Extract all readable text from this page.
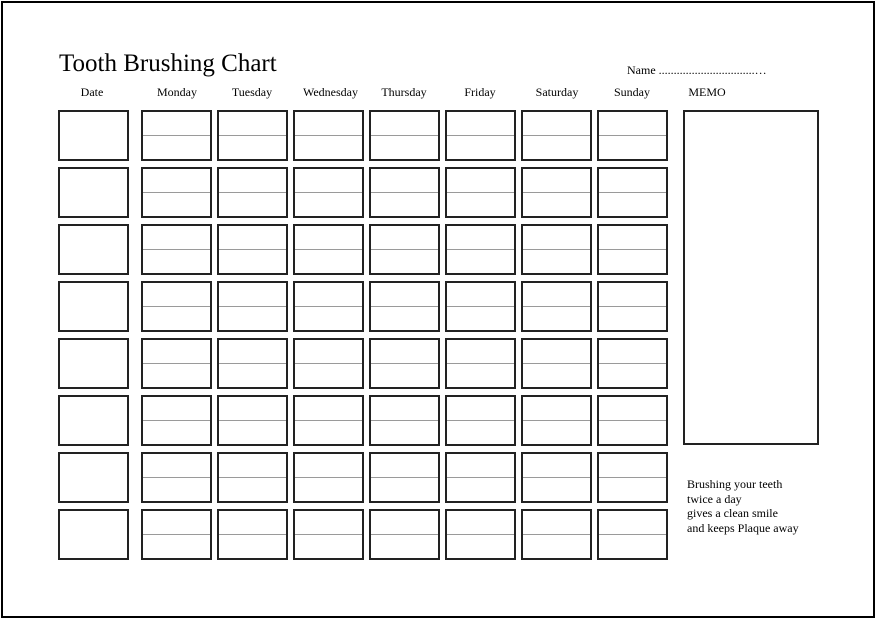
Tooth Brushing Chart	Name ................................…
Date	Monday	Tuesday	Wednesday	Thursday	Friday	Saturday	Sunday	MEMO
Brushing your teeth
twice a day
gives a clean smile
and keeps Plaque away
